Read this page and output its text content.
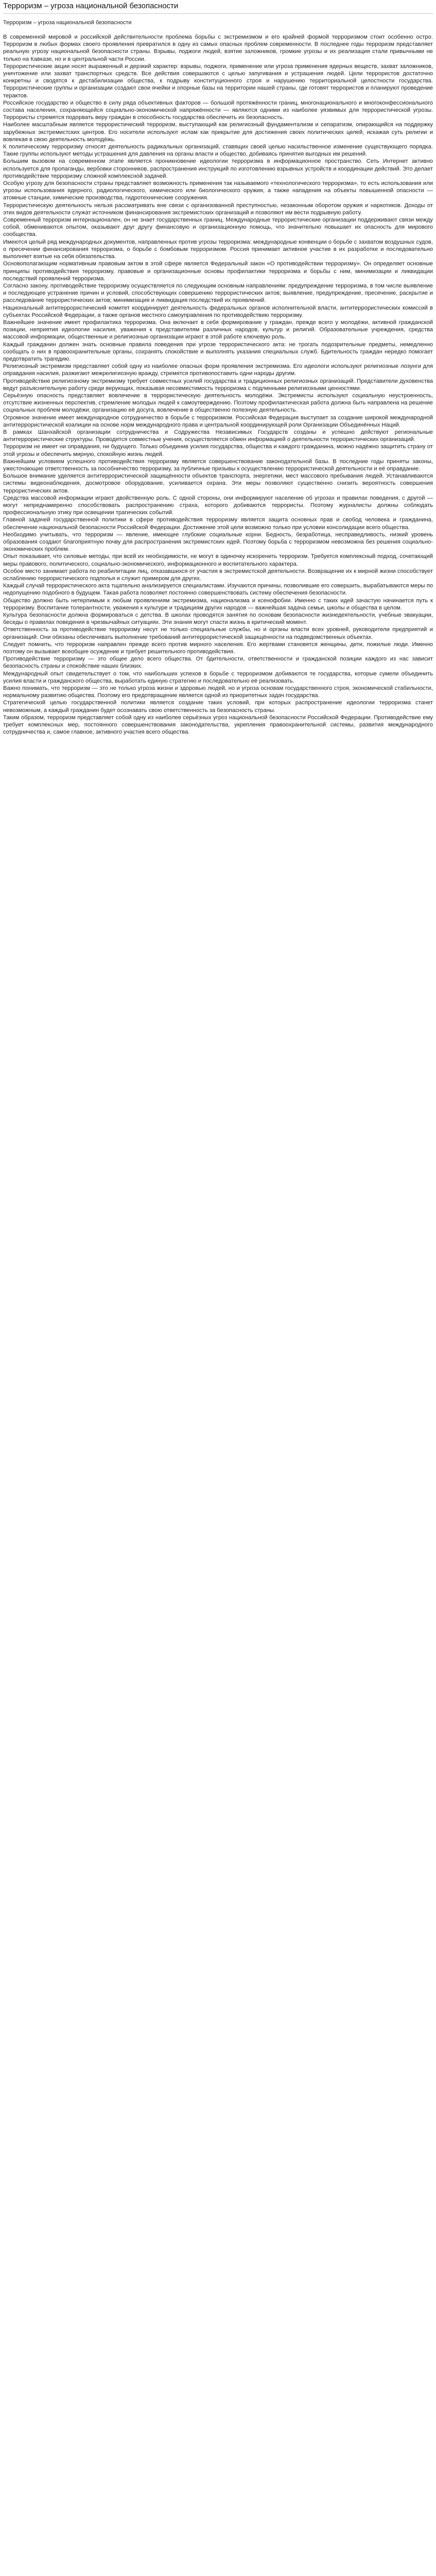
Терроризм – угроза национальной безопасности
Терроризм – угроза национальной безопасности

В современной мировой и российской действительности проблема борьбы с экстремизмом и его крайней формой терроризмом стоит особенно остро. Терроризм в любых формах своего проявления превратился в одну из самых опасных проблем современности. В последнее годы терроризм представляет реальную угрозу национальной безопасности страны. Взрывы, поджоги людей, взятие заложников, громкие угрозы и их реализация стали привычными не только на Кавказе, но и в центральной части России.

Террористические акции носят выраженный и дерзкий характер: взрывы, поджоги, применение или угроза применения ядерных веществ, захват заложников, уничтожение или захват транспортных средств. Все действия совершаются с целью запугивания и устрашения людей. Цели террористов достаточно конкретны и сводятся к дестабилизации общества, к подрыву конституционного строя и нарушению территориальной целостности государства. Террористические группы и организации создают свои ячейки и опорные базы на территории нашей страны, где готовят террористов и планируют проведение терактов.

Российское государство и общество в силу ряда объективных факторов — большой протяжённости границ, многонационального и многоконфессионального состава населения, сохраняющейся социально-экономической напряжённости — являются одними из наиболее уязвимых для террористической угрозы. Террористы стремятся подорвать веру граждан в способность государства обеспечить их безопасность.

Наиболее масштабным является террористический терроризм, выступающий как религиозный фундаментализм и сепаратизм, опирающийся на поддержку зарубежных экстремистских центров. Его носители используют ислам как прикрытие для достижения своих политических целей, искажая суть религии и вовлекая в свою деятельность молодёжь.

К политическому терроризму относят деятельность радикальных организаций, ставящих своей целью насильственное изменение существующего порядка. Такие группы используют методы устрашения для давления на органы власти и общество, добиваясь принятия выгодных им решений.

Большим вызовом на современном этапе является проникновение идеологии терроризма в информационное пространство. Сеть Интернет активно используется для пропаганды, вербовки сторонников, распространения инструкций по изготовлению взрывных устройств и координации действий. Это делает противодействие терроризму сложной комплексной задачей.

Особую угрозу для безопасности страны представляет возможность применения так называемого «технологического терроризма», то есть использования или угрозы использования ядерного, радиологического, химического или биологического оружия, а также нападения на объекты повышенной опасности — атомные станции, химические производства, гидротехнические сооружения.

Террористическую деятельность нельзя рассматривать вне связи с организованной преступностью, незаконным оборотом оружия и наркотиков. Доходы от этих видов деятельности служат источником финансирования экстремистских организаций и позволяют им вести подрывную работу.

Современный терроризм интернационален, он не знает государственных границ. Международные террористические организации поддерживают связи между собой, обмениваются опытом, оказывают друг другу финансовую и организационную помощь, что значительно повышает их опасность для мирового сообщества.

Имеются целый ряд международных документов, направленных против угрозы терроризма: международные конвенции о борьбе с захватом воздушных судов, о пресечении финансирования терроризма, о борьбе с бомбовым терроризмом. Россия принимает активное участие в их разработке и последовательно выполняет взятые на себя обязательства.

Основополагающим нормативным правовым актом в этой сфере является Федеральный закон «О противодействии терроризму». Он определяет основные принципы противодействия терроризму, правовые и организационные основы профилактики терроризма и борьбы с ним, минимизации и ликвидации последствий проявлений терроризма.

Согласно закону, противодействие терроризму осуществляется по следующим основным направлениям: предупреждение терроризма, в том числе выявление и последующее устранение причин и условий, способствующих совершению террористических актов; выявление, предупреждение, пресечение, раскрытие и расследование террористических актов; минимизация и ликвидация последствий их проявлений.

Национальный антитеррористический комитет координирует деятельность федеральных органов исполнительной власти, антитеррористических комиссий в субъектах Российской Федерации, а также органов местного самоуправления по противодействию терроризму.

Важнейшее значение имеет профилактика терроризма. Она включает в себя формирование у граждан, прежде всего у молодёжи, активной гражданской позиции, неприятия идеологии насилия, уважения к представителям различных народов, культур и религий. Образовательные учреждения, средства массовой информации, общественные и религиозные организации играют в этой работе ключевую роль.

Каждый гражданин должен знать основные правила поведения при угрозе террористического акта: не трогать подозрительные предметы, немедленно сообщать о них в правоохранительные органы, сохранять спокойствие и выполнять указания специальных служб. Бдительность граждан нередко помогает предотвратить трагедию.

Религиозный экстремизм представляет собой одну из наиболее опасных форм проявления экстремизма. Его идеологи используют религиозные лозунги для оправдания насилия, разжигают межрелигиозную вражду, стремятся противопоставить одни народы другим.

Противодействие религиозному экстремизму требует совместных усилий государства и традиционных религиозных организаций. Представители духовенства ведут разъяснительную работу среди верующих, показывая несовместимость терроризма с подлинными религиозными ценностями.

Серьёзную опасность представляет вовлечение в террористическую деятельность молодёжи. Экстремисты используют социальную неустроенность, отсутствие жизненных перспектив, стремление молодых людей к самоутверждению. Поэтому профилактическая работа должна быть направлена на решение социальных проблем молодёжи, организацию её досуга, вовлечение в общественно полезную деятельность.

Огромное значение имеет международное сотрудничество в борьбе с терроризмом. Российская Федерация выступает за создание широкой международной антитеррористической коалиции на основе норм международного права и центральной координирующей роли Организации Объединённых Наций.

В рамках Шанхайской организации сотрудничества и Содружества Независимых Государств созданы и успешно действуют региональные антитеррористические структуры. Проводятся совместные учения, осуществляется обмен информацией о деятельности террористических организаций.

Терроризм не имеет ни оправдания, ни будущего. Только объединив усилия государства, общества и каждого гражданина, можно надёжно защитить страну от этой угрозы и обеспечить мирную, спокойную жизнь людей.

Важнейшим условием успешного противодействия терроризму является совершенствование законодательной базы. В последние годы приняты законы, ужесточающие ответственность за пособничество терроризму, за публичные призывы к осуществлению террористической деятельности и её оправдание.

Большое внимание уделяется антитеррористической защищённости объектов транспорта, энергетики, мест массового пребывания людей. Устанавливаются системы видеонаблюдения, досмотровое оборудование, усиливается охрана. Эти меры позволяют существенно снизить вероятность совершения террористических актов.

Средства массовой информации играют двойственную роль. С одной стороны, они информируют население об угрозах и правилах поведения, с другой — могут непреднамеренно способствовать распространению страха, которого добиваются террористы. Поэтому журналисты должны соблюдать профессиональную этику при освещении трагических событий.

Главной задачей государственной политики в сфере противодействия терроризму является защита основных прав и свобод человека и гражданина, обеспечение национальной безопасности Российской Федерации. Достижение этой цели возможно только при условии консолидации всего общества.

Необходимо учитывать, что терроризм — явление, имеющее глубокие социальные корни. Бедность, безработица, несправедливость, низкий уровень образования создают благоприятную почву для распространения экстремистских идей. Поэтому борьба с терроризмом невозможна без решения социально-экономических проблем.

Опыт показывает, что силовые методы, при всей их необходимости, не могут в одиночку искоренить терроризм. Требуется комплексный подход, сочетающий меры правового, политического, социально-экономического, информационного и воспитательного характера.

Особое место занимает работа по реабилитации лиц, отказавшихся от участия в экстремистской деятельности. Возвращение их к мирной жизни способствует ослаблению террористического подполья и служит примером для других.

Каждый случай террористического акта тщательно анализируется специалистами. Изучаются причины, позволившие его совершить, вырабатываются меры по недопущению подобного в будущем. Такая работа позволяет постоянно совершенствовать систему обеспечения безопасности.

Общество должно быть нетерпимым к любым проявлениям экстремизма, национализма и ксенофобии. Именно с таких идей зачастую начинается путь к терроризму. Воспитание толерантности, уважения к культуре и традициям других народов — важнейшая задача семьи, школы и общества в целом.

Культура безопасности должна формироваться с детства. В школах проводятся занятия по основам безопасности жизнедеятельности, учебные эвакуации, беседы о правилах поведения в чрезвычайных ситуациях. Эти знания могут спасти жизнь в критический момент.

Ответственность за противодействие терроризму несут не только специальные службы, но и органы власти всех уровней, руководители предприятий и организаций. Они обязаны обеспечивать выполнение требований антитеррористической защищённости на подведомственных объектах.

Следует помнить, что терроризм направлен прежде всего против мирного населения. Его жертвами становятся женщины, дети, пожилые люди. Именно поэтому он вызывает всеобщее осуждение и требует решительного противодействия.

Противодействие терроризму — это общее дело всего общества. От бдительности, ответственности и гражданской позиции каждого из нас зависит безопасность страны и спокойствие наших близких.

Международный опыт свидетельствует о том, что наибольших успехов в борьбе с терроризмом добиваются те государства, которые сумели объединить усилия власти и гражданского общества, выработать единую стратегию и последовательно её реализовать.

Важно понимать, что терроризм — это не только угроза жизни и здоровью людей, но и угроза основам государственного строя, экономической стабильности, нормальному развитию общества. Поэтому его предотвращение является одной из приоритетных задач государства.

Стратегической целью государственной политики является создание таких условий, при которых распространение идеологии терроризма станет невозможным, а каждый гражданин будет осознавать свою ответственность за безопасность страны.

Таким образом, терроризм представляет собой одну из наиболее серьёзных угроз национальной безопасности Российской Федерации. Противодействие ему требует комплексных мер, постоянного совершенствования законодательства, укрепления правоохранительной системы, развития международного сотрудничества и, самое главное, активного участия всего общества.
